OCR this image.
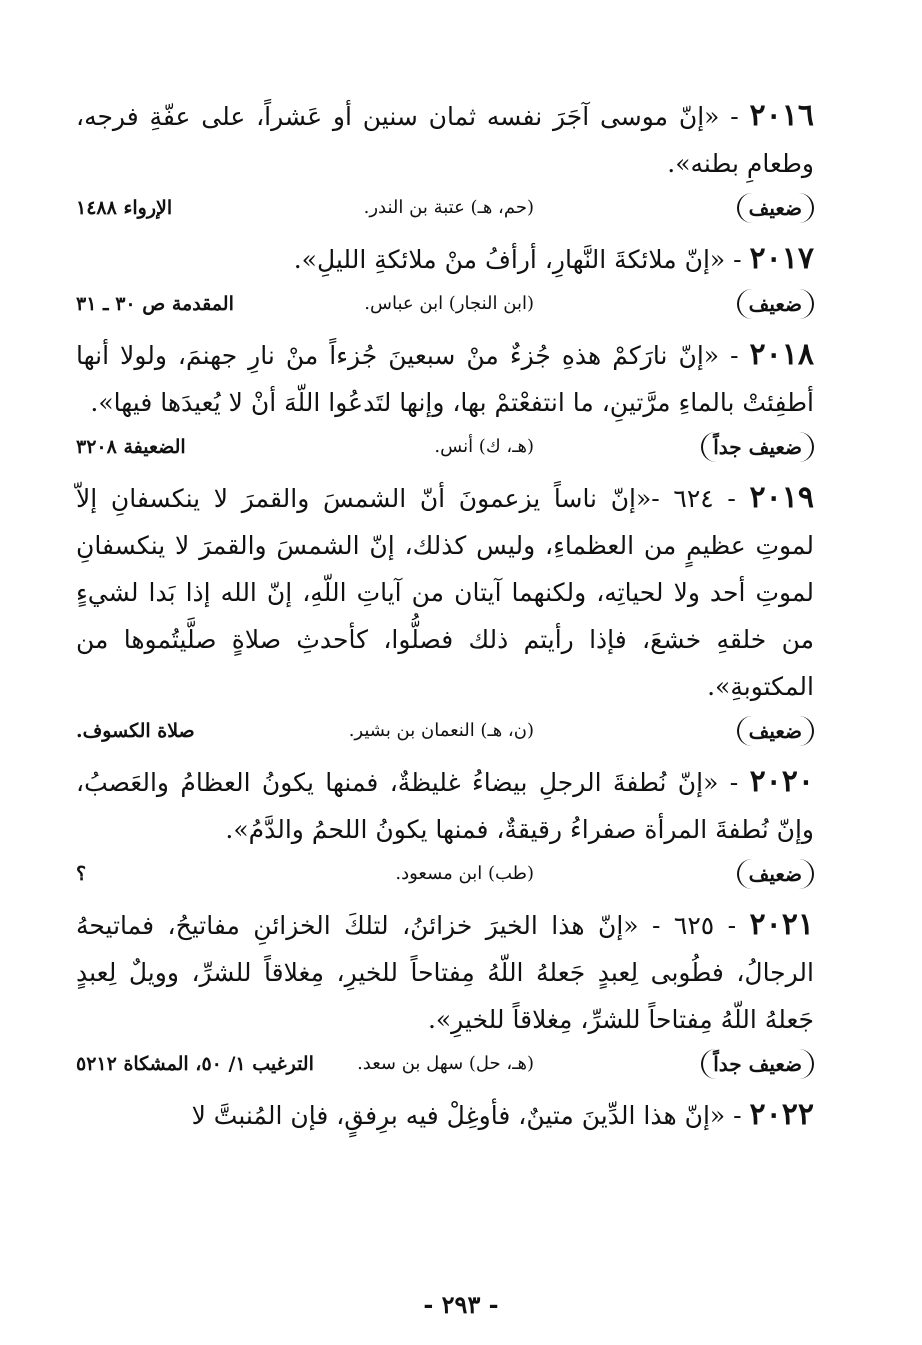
٢٠١٦ - «إنّ موسى آجَرَ نفسه ثمان سنين أو عَشراً، على عفّةِ فرجه، وطعامِ بطنه».

ضعيف
(حم، هـ) عتبة بن الندر.
الإرواء ١٤٨٨

٢٠١٧ - «إنّ ملائكةَ النَّهارِ، أرأفُ منْ ملائكةِ الليلِ».

ضعيف
(ابن النجار) ابن عباس.
المقدمة ص ٣٠ ـ ٣١

٢٠١٨ - «إنّ نارَكمْ هذهِ جُزءٌ منْ سبعينَ جُزءاً منْ نارِ جهنمَ، ولولا أنها أطفِئتْ بالماءِ مرَّتينِ، ما انتفعْتمْ بها، وإنها لتَدعُوا اللّهَ أنْ لا يُعيدَها فيها».

ضعيف جداً
(هـ، ك) أنس.
الضعيفة ٣٢٠٨

٢٠١٩ - ٦٢٤ -«إنّ ناساً يزعمونَ أنّ الشمسَ والقمرَ لا ينكسفانِ إلاّ لموتِ عظيمٍ من العظماءِ، وليس كذلك، إنّ الشمسَ والقمرَ لا ينكسفانِ لموتِ أحد ولا لحياتِه، ولكنهما آيتان من آياتِ اللّهِ، إنّ الله إذا بَدا لشيءٍ من خلقهِ خشعَ، فإذا رأيتم ذلك فصلُّوا، كأحدثِ صلاةٍ صلَّيتُموها من المكتوبةِ».

ضعيف
(ن، هـ) النعمان بن بشير.
صلاة الكسوف.

٢٠٢٠ - «إنّ نُطفةَ الرجلِ بيضاءُ غليظةٌ، فمنها يكونُ العظامُ والعَصبُ، وإنّ نُطفةَ المرأة صفراءُ رقيقةٌ، فمنها يكونُ اللحمُ والدَّمُ».

ضعيف
(طب) ابن مسعود.
؟

٢٠٢١ - ٦٢٥ - «إنّ هذا الخيرَ خزائنُ، لتلكَ الخزائنِ مفاتيحُ، فماتيحهُ الرجالُ، فطُوبى لِعبدٍ جَعلهُ اللّهُ مِفتاحاً للخيرِ، مِغلاقاً للشرِّ، وويلٌ لِعبدٍ جَعلهُ اللّهُ مِفتاحاً للشرِّ، مِغلاقاً للخيرِ».

ضعيف جداً
(هـ، حل) سهل بن سعد.
الترغيب ١/ ٥٠، المشكاة ٥٢١٢

٢٠٢٢ - «إنّ هذا الدِّينَ متينٌ، فأوغِلْ فيه برِفقٍ، فإن المُنبتَّ لا

- ٢٩٣ -
